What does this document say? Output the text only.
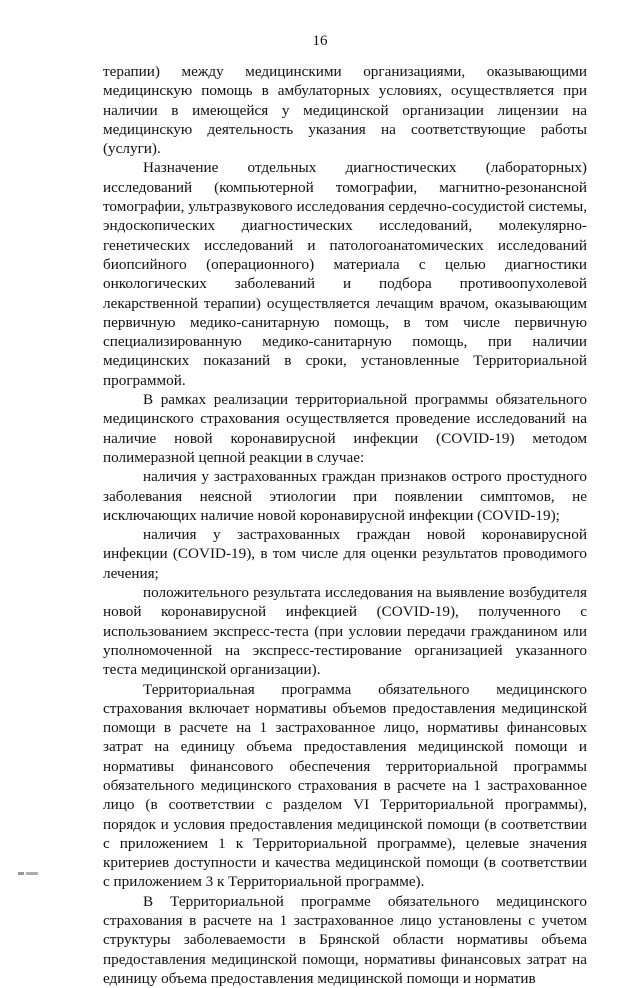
16

терапии) между медицинскими организациями, оказывающими медицинскую помощь в амбулаторных условиях, осуществляется при наличии в имеющейся у медицинской организации лицензии на медицинскую деятельность указания на соответствующие работы (услуги).

Назначение отдельных диагностических (лабораторных) исследований (компьютерной томографии, магнитно-резонансной томографии, ультразвукового исследования сердечно-сосудистой системы, эндоскопических диагностических исследований, молекулярно-генетических исследований и патологоанатомических исследований биопсийного (операционного) материала с целью диагностики онкологических заболеваний и подбора противоопухолевой лекарственной терапии) осуществляется лечащим врачом, оказывающим первичную медико-санитарную помощь, в том числе первичную специализированную медико-санитарную помощь, при наличии медицинских показаний в сроки, установленные Территориальной программой.

В рамках реализации территориальной программы обязательного медицинского страхования осуществляется проведение исследований на наличие новой коронавирусной инфекции (COVID-19) методом полимеразной цепной реакции в случае:

наличия у застрахованных граждан признаков острого простудного заболевания неясной этиологии при появлении симптомов, не исключающих наличие новой коронавирусной инфекции (COVID-19);

наличия у застрахованных граждан новой коронавирусной инфекции (COVID-19), в том числе для оценки результатов проводимого лечения;

положительного результата исследования на выявление возбудителя новой коронавирусной инфекцией (COVID-19), полученного с использованием экспресс-теста (при условии передачи гражданином или уполномоченной на экспресс-тестирование организацией указанного теста медицинской организации).

Территориальная программа обязательного медицинского страхования включает нормативы объемов предоставления медицинской помощи в расчете на 1 застрахованное лицо, нормативы финансовых затрат на единицу объема предоставления медицинской помощи и нормативы финансового обеспечения территориальной программы обязательного медицинского страхования в расчете на 1 застрахованное лицо (в соответствии с разделом VI Территориальной программы), порядок и условия предоставления медицинской помощи (в соответствии с приложением 1 к Территориальной программе), целевые значения критериев доступности и качества медицинской помощи (в соответствии с приложением 3 к Территориальной программе).

В Территориальной программе обязательного медицинского страхования в расчете на 1 застрахованное лицо установлены с учетом структуры заболеваемости в Брянской области нормативы объема предоставления медицинской помощи, нормативы финансовых затрат на единицу объема предоставления медицинской помощи и норматив
